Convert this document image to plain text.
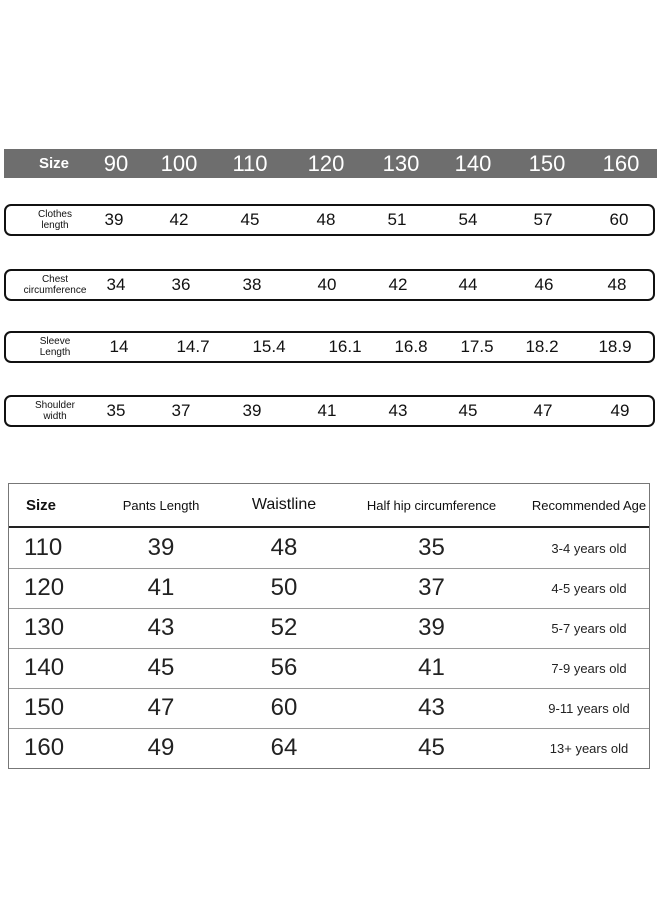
Size	90	100	110	120	130	140	150	160
Clothes
length	39	42	45	48	51	54	57	60
Chest
circumference	34	36	38	40	42	44	46	48
Sleeve
Length	14	14.7	15.4	16.1	16.8	17.5	18.2	18.9
Shoulder
width	35	37	39	41	43	45	47	49
Size	Pants Length	Waistline	Half hip circumference	Recommended Age
110	39	48	35	3-4 years old
120	41	50	37	4-5 years old
130	43	52	39	5-7 years old
140	45	56	41	7-9 years old
150	47	60	43	9-11 years old
160	49	64	45	13+ years old
